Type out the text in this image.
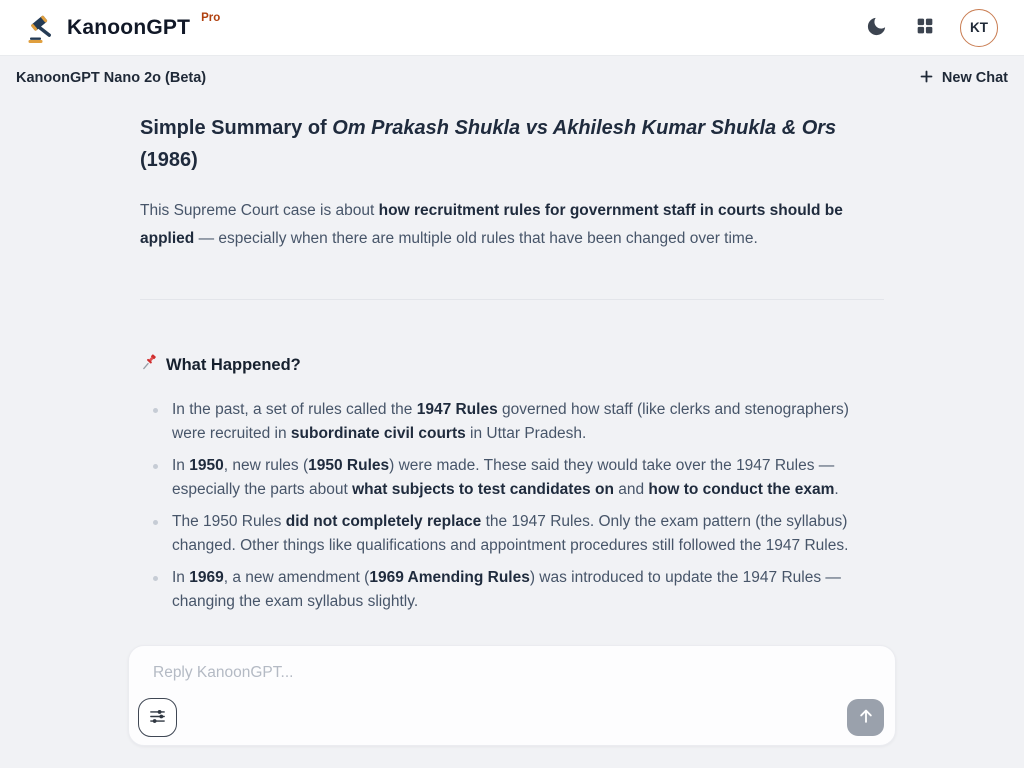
KanoonGPT Pro
KT
KanoonGPT Nano 2o (Beta)	New Chat
Simple Summary of Om Prakash Shukla vs Akhilesh Kumar Shukla & Ors (1986)

This Supreme Court case is about how recruitment rules for government staff in courts should be applied — especially when there are multiple old rules that have been changed over time.

What Happened?
In the past, a set of rules called the 1947 Rules governed how staff (like clerks and stenographers) were recruited in subordinate civil courts in Uttar Pradesh.
In 1950, new rules (1950 Rules) were made. These said they would take over the 1947 Rules — especially the parts about what subjects to test candidates on and how to conduct the exam.
The 1950 Rules did not completely replace the 1947 Rules. Only the exam pattern (the syllabus) changed. Other things like qualifications and appointment procedures still followed the 1947 Rules.
In 1969, a new amendment (1969 Amending Rules) was introduced to update the 1947 Rules — changing the exam syllabus slightly.
Reply KanoonGPT...
